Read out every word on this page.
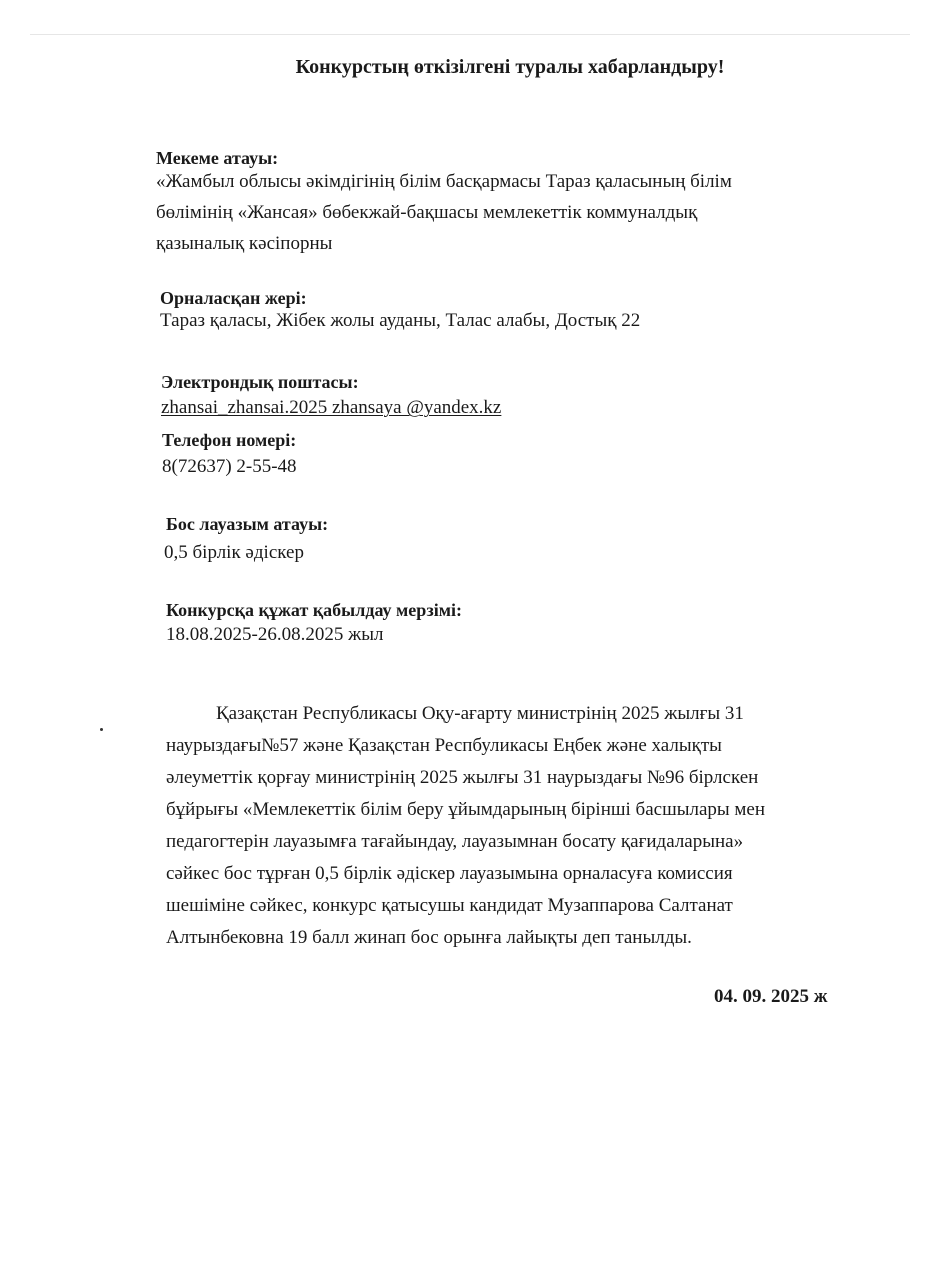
Конкурстың өткізілгені туралы хабарландыру!
Мекеме атауы:
«Жамбыл облысы әкімдігінің білім басқармасы Тараз қаласының білім
бөлімінің «Жансая» бөбекжай-бақшасы мемлекеттік коммуналдық
қазыналық кәсіпорны
Орналасқан жері:
Тараз қаласы, Жібек жолы ауданы, Талас алабы, Достық 22
Электрондық поштасы:
zhansai_zhansai.2025 zhansaya @yandex.kz
Телефон номері:
8(72637) 2-55-48
Бос лауазым атауы:
0,5 бірлік әдіскер
Конкурсқа құжат қабылдау мерзімі:
18.08.2025-26.08.2025 жыл
Қазақстан Республикасы Оқу-ағарту министрінің 2025 жылғы 31
наурыздағы№57 және Қазақстан Респбуликасы Еңбек және халықты
әлеуметтік қорғау министрінің 2025 жылғы 31 наурыздағы №96 бірлскен
бұйрығы «Мемлекеттік білім беру ұйымдарының бірінші басшылары мен
педагогтерін лауазымға тағайындау, лауазымнан босату қағидаларына»
сәйкес бос тұрған 0,5 бірлік әдіскер лауазымына орналасуға комиссия
шешіміне сәйкес, конкурс қатысушы кандидат Музаппарова Салтанат
Алтынбековна 19 балл жинап бос орынға лайықты деп танылды.
04. 09. 2025 ж
